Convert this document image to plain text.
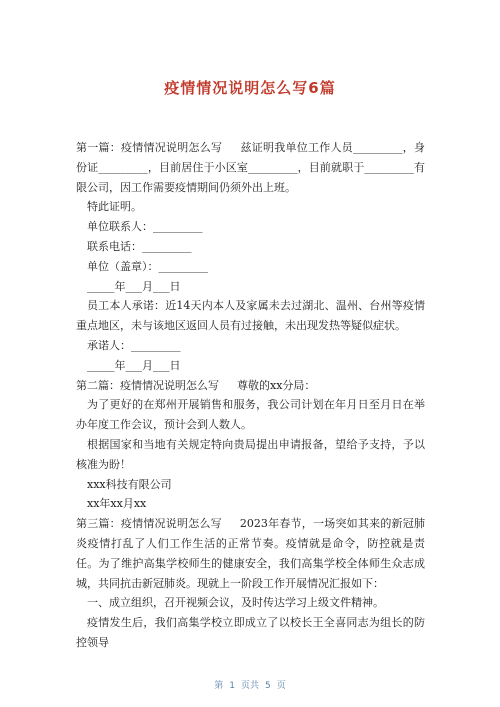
疫情情况说明怎么写6篇

第一篇：疫情情况说明怎么写 兹证明我单位工作人员_________，身份证_________，目前居住于小区室_________，目前就职于_________有限公司，因工作需要疫情期间仍须外出上班。

特此证明。

单位联系人：_________

联系电话：_________

单位（盖章）：_________

_____年___月___日

员工本人承诺：近14天内本人及家属未去过湖北、温州、台州等疫情重点地区，未与该地区返回人员有过接触，未出现发热等疑似症状。

承诺人：_________

_____年___月___日

第二篇：疫情情况说明怎么写 尊敬的xx分局：

为了更好的在郑州开展销售和服务，我公司计划在年月日至月日在举办年度工作会议，预计会到人数人。

根据国家和当地有关规定特向贵局提出申请报备，望给予支持，予以核准为盼！

xxx科技有限公司

xx年xx月xx

第三篇：疫情情况说明怎么写 2023年春节，一场突如其来的新冠肺炎疫情打乱了人们工作生活的正常节奏。疫情就是命令，防控就是责任。为了维护高集学校师生的健康安全，我们高集学校全体师生众志成城，共同抗击新冠肺炎。现就上一阶段工作开展情况汇报如下：

一、成立组织，召开视频会议，及时传达学习上级文件精神。

疫情发生后，我们高集学校立即成立了以校长王全喜同志为组长的防控领导

第 1 页共 5 页
